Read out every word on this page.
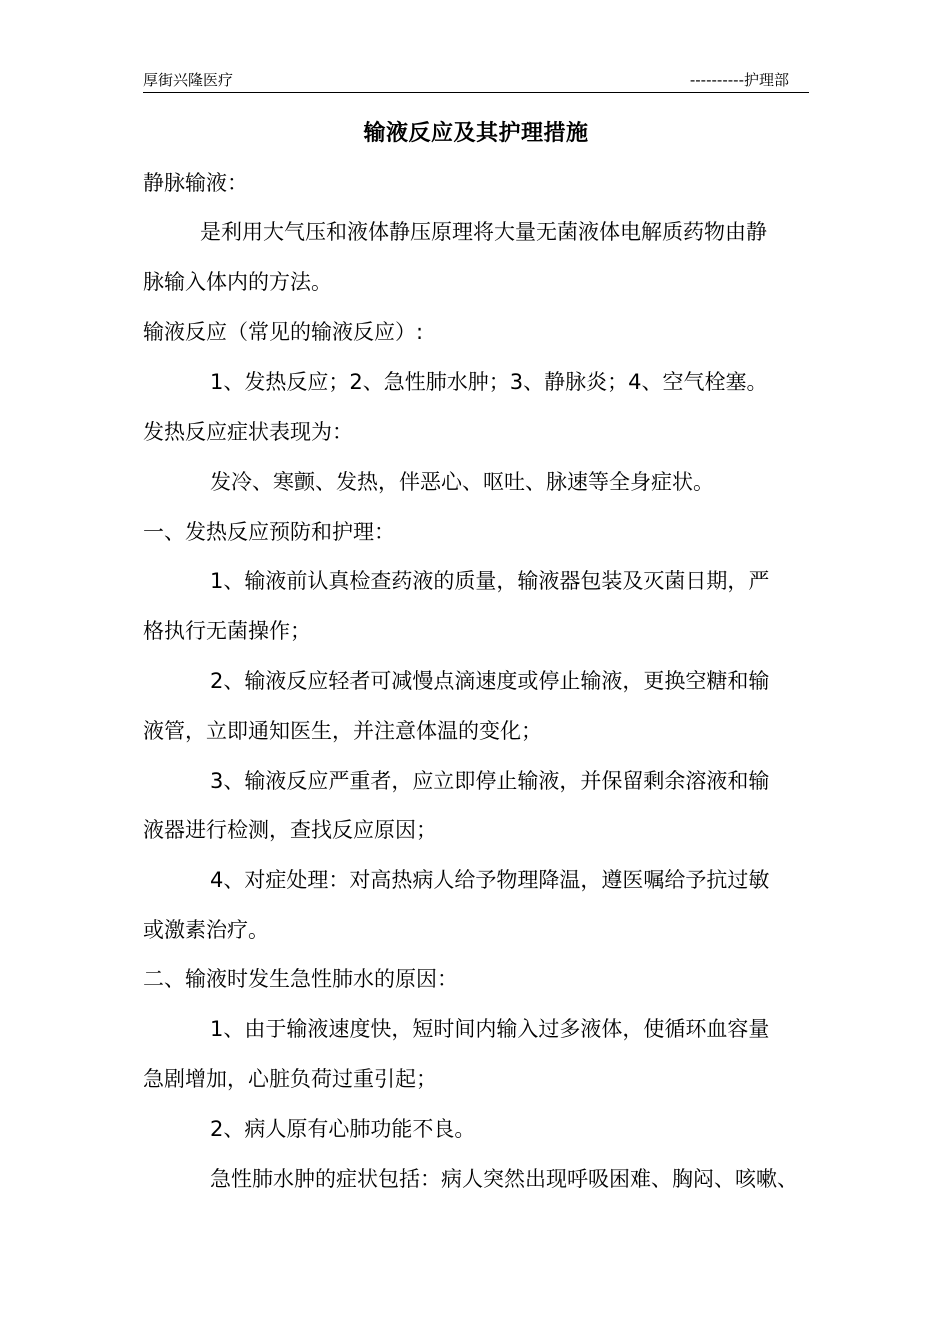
厚街兴隆医疗	----------护理部
输液反应及其护理措施
静脉输液：
是利用大气压和液体静压原理将大量无菌液体电解质药物由静
脉输入体内的方法。
输液反应（常见的输液反应）:
1、发热反应；2、急性肺水肿；3、静脉炎；4、空气栓塞。
发热反应症状表现为：
发冷、寒颤、发热，伴恶心、呕吐、脉速等全身症状。
一、发热反应预防和护理：
1、输液前认真检查药液的质量，输液器包装及灭菌日期，严
格执行无菌操作；
2、输液反应轻者可减慢点滴速度或停止输液，更换空糖和输
液管，立即通知医生，并注意体温的变化；
3、输液反应严重者，应立即停止输液，并保留剩余溶液和输
液器进行检测，查找反应原因；
4、对症处理：对高热病人给予物理降温，遵医嘱给予抗过敏
或激素治疗。
二、输液时发生急性肺水的原因：
1、由于输液速度快，短时间内输入过多液体，使循环血容量
急剧增加，心脏负荷过重引起；
2、病人原有心肺功能不良。
急性肺水肿的症状包括：病人突然出现呼吸困难、胸闷、咳嗽、
